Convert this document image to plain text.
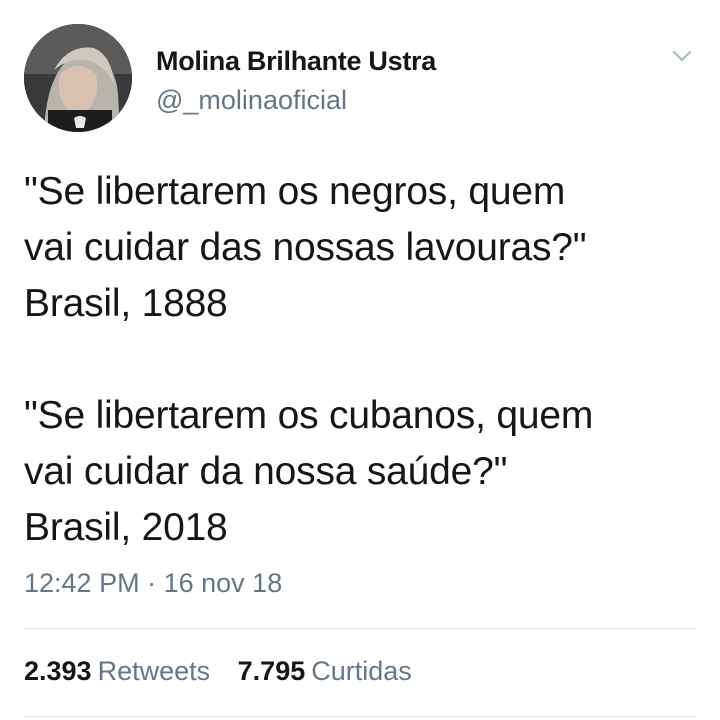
Molina Brilhante Ustra
@_molinaoficial
"Se libertarem os negros, quem
vai cuidar das nossas lavouras?"
Brasil, 1888
"Se libertarem os cubanos, quem
vai cuidar da nossa saúde?"
Brasil, 2018
12:42 PM · 16 nov 18
2.393 Retweets 7.795 Curtidas
